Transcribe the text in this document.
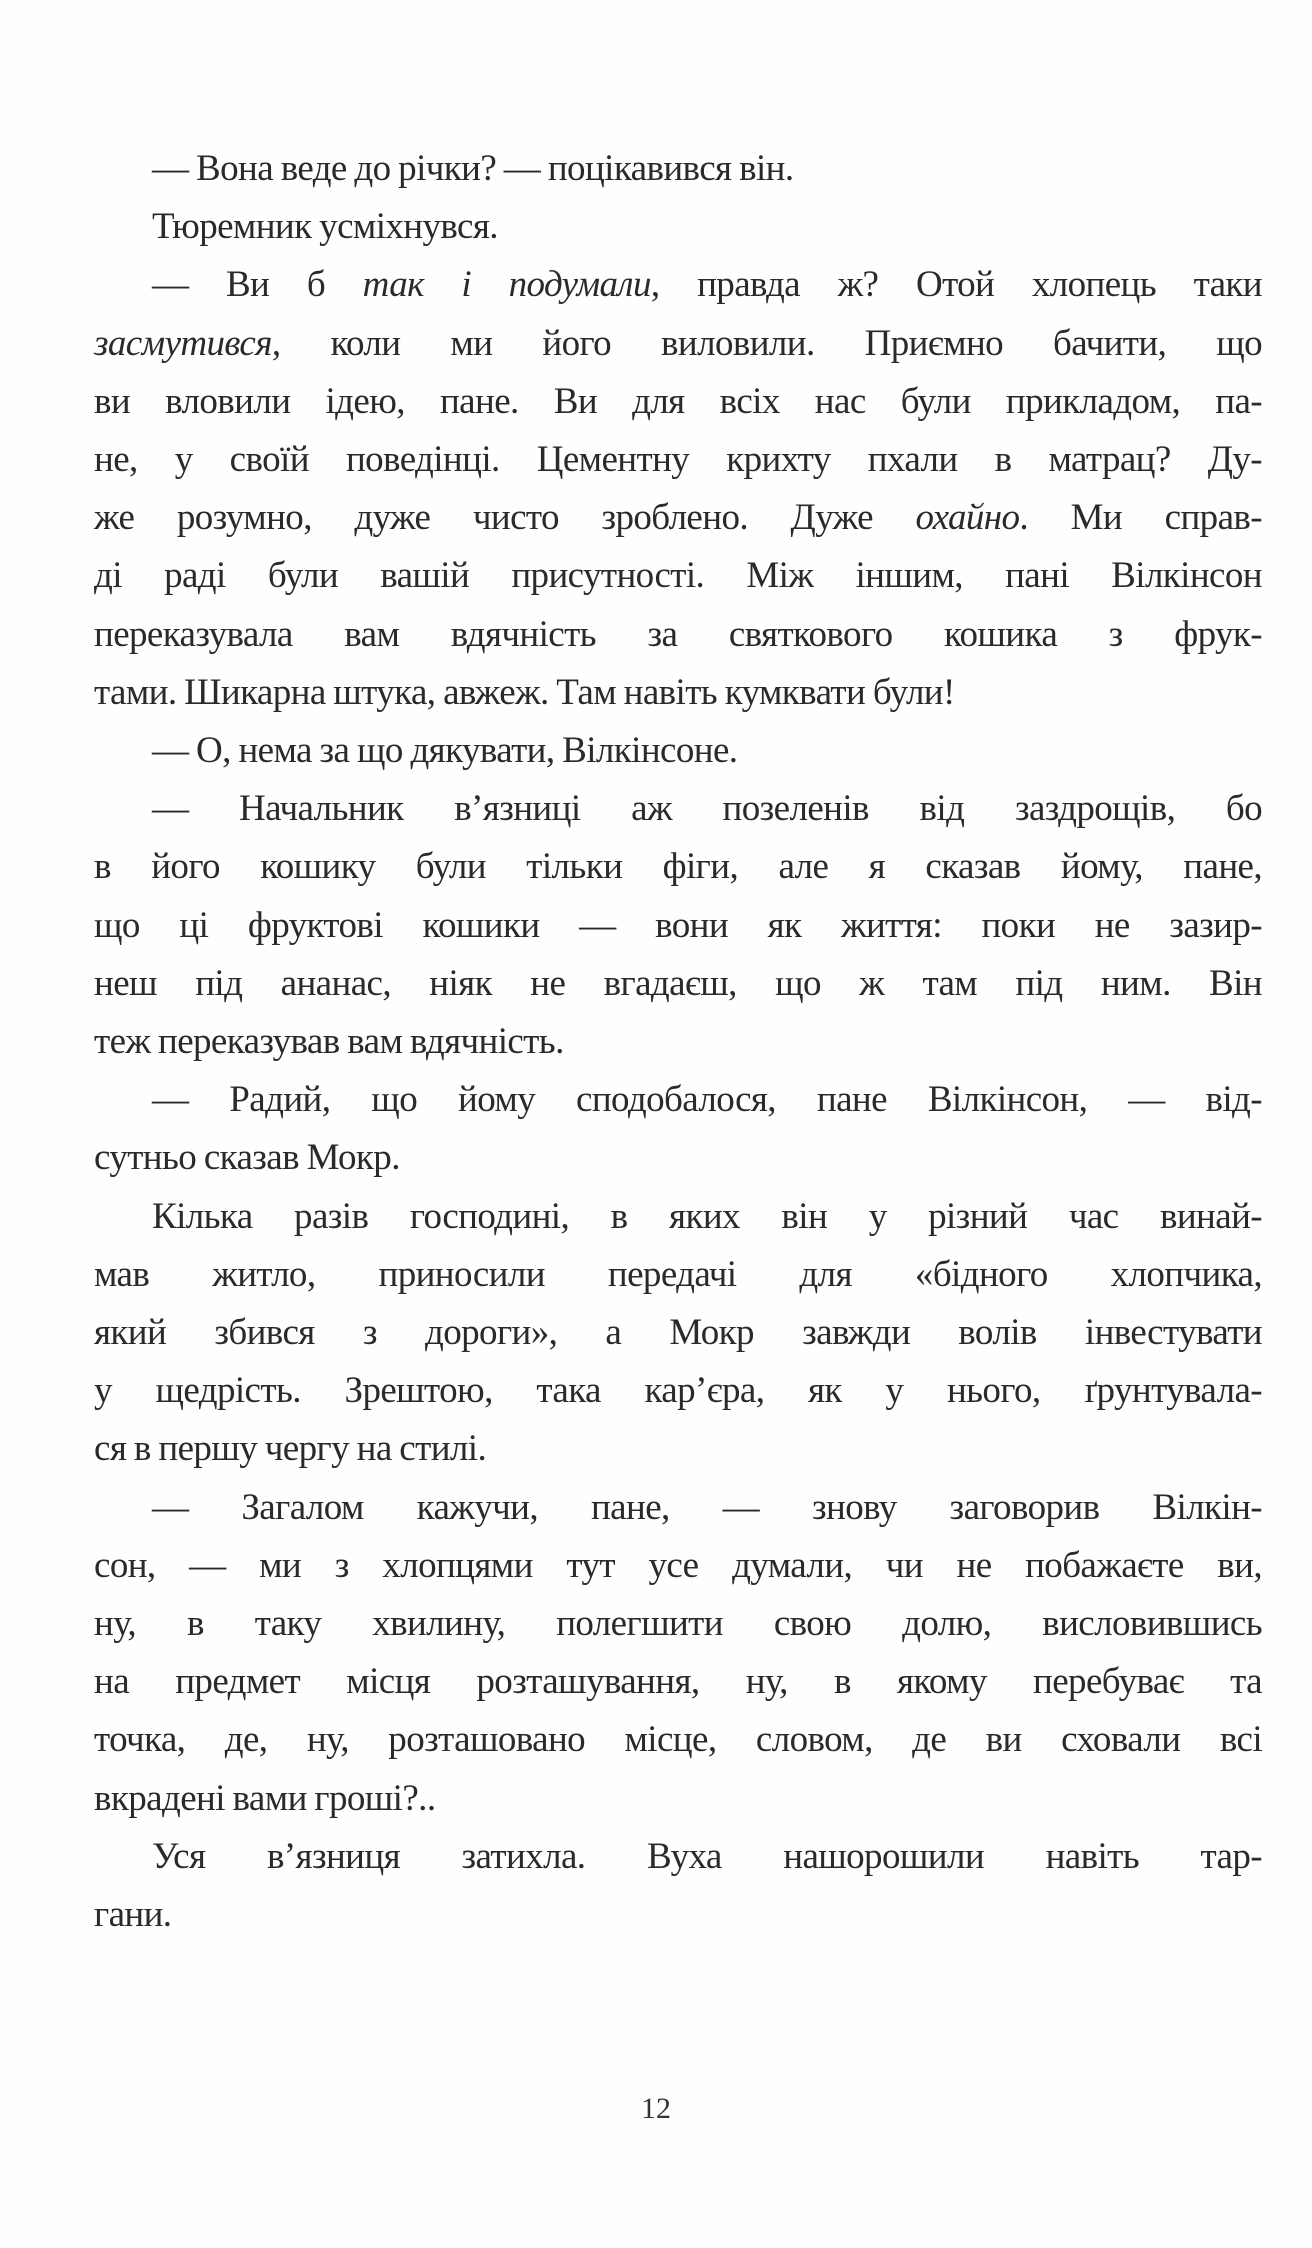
— Вона веде до річки? — поцікавився він.

Тюремник усміхнувся.

— Ви б так і подумали, правда ж? Отой хлопець таки
засмутився, коли ми його виловили. Приємно бачити, що
ви вловили ідею, пане. Ви для всіх нас були прикладом, па-
не, у своїй поведінці. Цементну крихту пхали в матрац? Ду-
же розумно, дуже чисто зроблено. Дуже охайно. Ми справ-
ді раді були вашій присутності. Між іншим, пані Вілкінсон
переказувала вам вдячність за святкового кошика з фрук-
тами. Шикарна штука, авжеж. Там навіть кумквати були!

— О, нема за що дякувати, Вілкінсоне.

— Начальник в’язниці аж позеленів від заздрощів, бо
в його кошику були тільки фіги, але я сказав йому, пане,
що ці фруктові кошики — вони як життя: поки не зазир-
неш під ананас, ніяк не вгадаєш, що ж там під ним. Він
теж переказував вам вдячність.

— Радий, що йому сподобалося, пане Вілкінсон, — від-
сутньо сказав Мокр.

Кілька разів господині, в яких він у різний час винай-
мав житло, приносили передачі для «бідного хлопчика,
який збився з дороги», а Мокр завжди волів інвестувати
у щедрість. Зрештою, така кар’єра, як у нього, ґрунтувала-
ся в першу чергу на стилі.

— Загалом кажучи, пане, — знову заговорив Вілкін-
сон, — ми з хлопцями тут усе думали, чи не побажаєте ви,
ну, в таку хвилину, полегшити свою долю, висловившись
на предмет місця розташування, ну, в якому перебуває та
точка, де, ну, розташовано місце, словом, де ви сховали всі
вкрадені вами гроші?..

Уся в’язниця затихла. Вуха нашорошили навіть тар-
гани.

12
